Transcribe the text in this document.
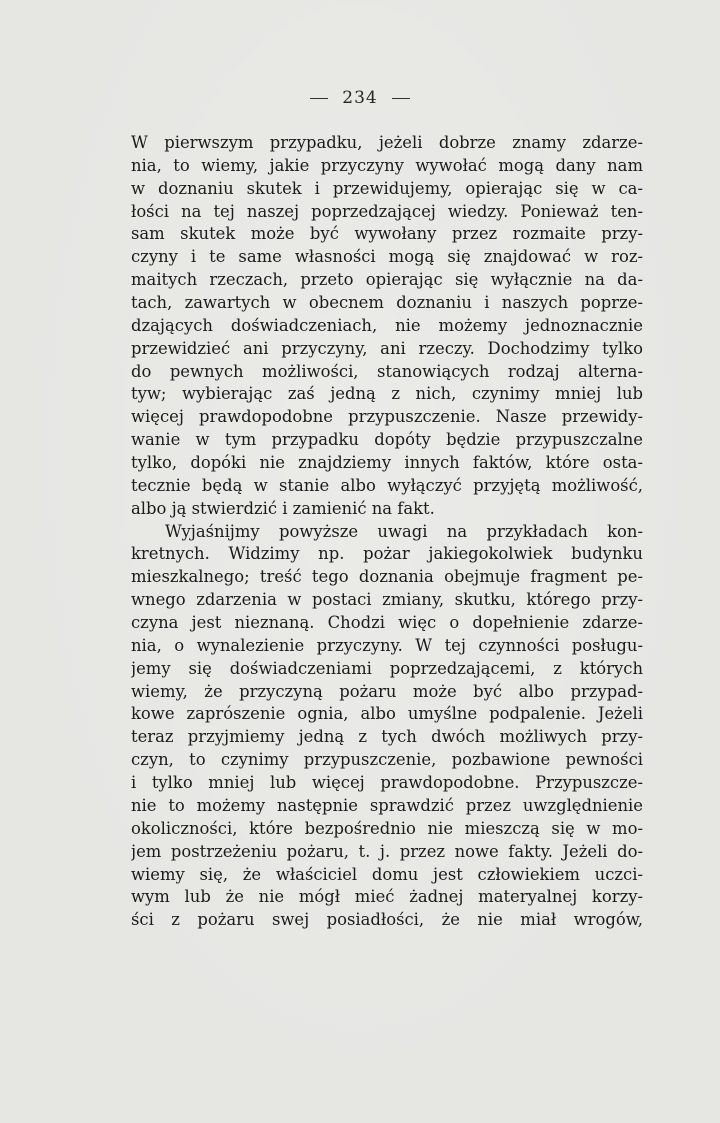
234
W pierwszym przypadku, jeżeli dobrze znamy zdarze-
nia, to wiemy, jakie przyczyny wywołać mogą dany nam
w doznaniu skutek i przewidujemy, opierając się w ca-
łości na tej naszej poprzedzającej wiedzy. Ponieważ ten-
sam skutek może być wywołany przez rozmaite przy-
czyny i te same własności mogą się znajdować w roz-
maitych rzeczach, przeto opierając się wyłącznie na da-
tach, zawartych w obecnem doznaniu i naszych poprze-
dzających doświadczeniach, nie możemy jednoznacznie
przewidzieć ani przyczyny, ani rzeczy. Dochodzimy tylko
do pewnych możliwości, stanowiących rodzaj alterna-
tyw; wybierając zaś jedną z nich, czynimy mniej lub
więcej prawdopodobne przypuszczenie. Nasze przewidy-
wanie w tym przypadku dopóty będzie przypuszczalne
tylko, dopóki nie znajdziemy innych faktów, które osta-
tecznie będą w stanie albo wyłączyć przyjętą możliwość,
albo ją stwierdzić i zamienić na fakt.
Wyjaśnijmy powyższe uwagi na przykładach kon-
kretnych. Widzimy np. pożar jakiegokolwiek budynku
mieszkalnego; treść tego doznania obejmuje fragment pe-
wnego zdarzenia w postaci zmiany, skutku, którego przy-
czyna jest nieznaną. Chodzi więc o dopełnienie zdarze-
nia, o wynalezienie przyczyny. W tej czynności posługu-
jemy się doświadczeniami poprzedzającemi, z których
wiemy, że przyczyną pożaru może być albo przypad-
kowe zaprószenie ognia, albo umyślne podpalenie. Jeżeli
teraz przyjmiemy jedną z tych dwóch możliwych przy-
czyn, to czynimy przypuszczenie, pozbawione pewności
i tylko mniej lub więcej prawdopodobne. Przypuszcze-
nie to możemy następnie sprawdzić przez uwzględnienie
okoliczności, które bezpośrednio nie mieszczą się w mo-
jem postrzeżeniu pożaru, t. j. przez nowe fakty. Jeżeli do-
wiemy się, że właściciel domu jest człowiekiem uczci-
wym lub że nie mógł mieć żadnej materyalnej korzy-
ści z pożaru swej posiadłości, że nie miał wrogów,
